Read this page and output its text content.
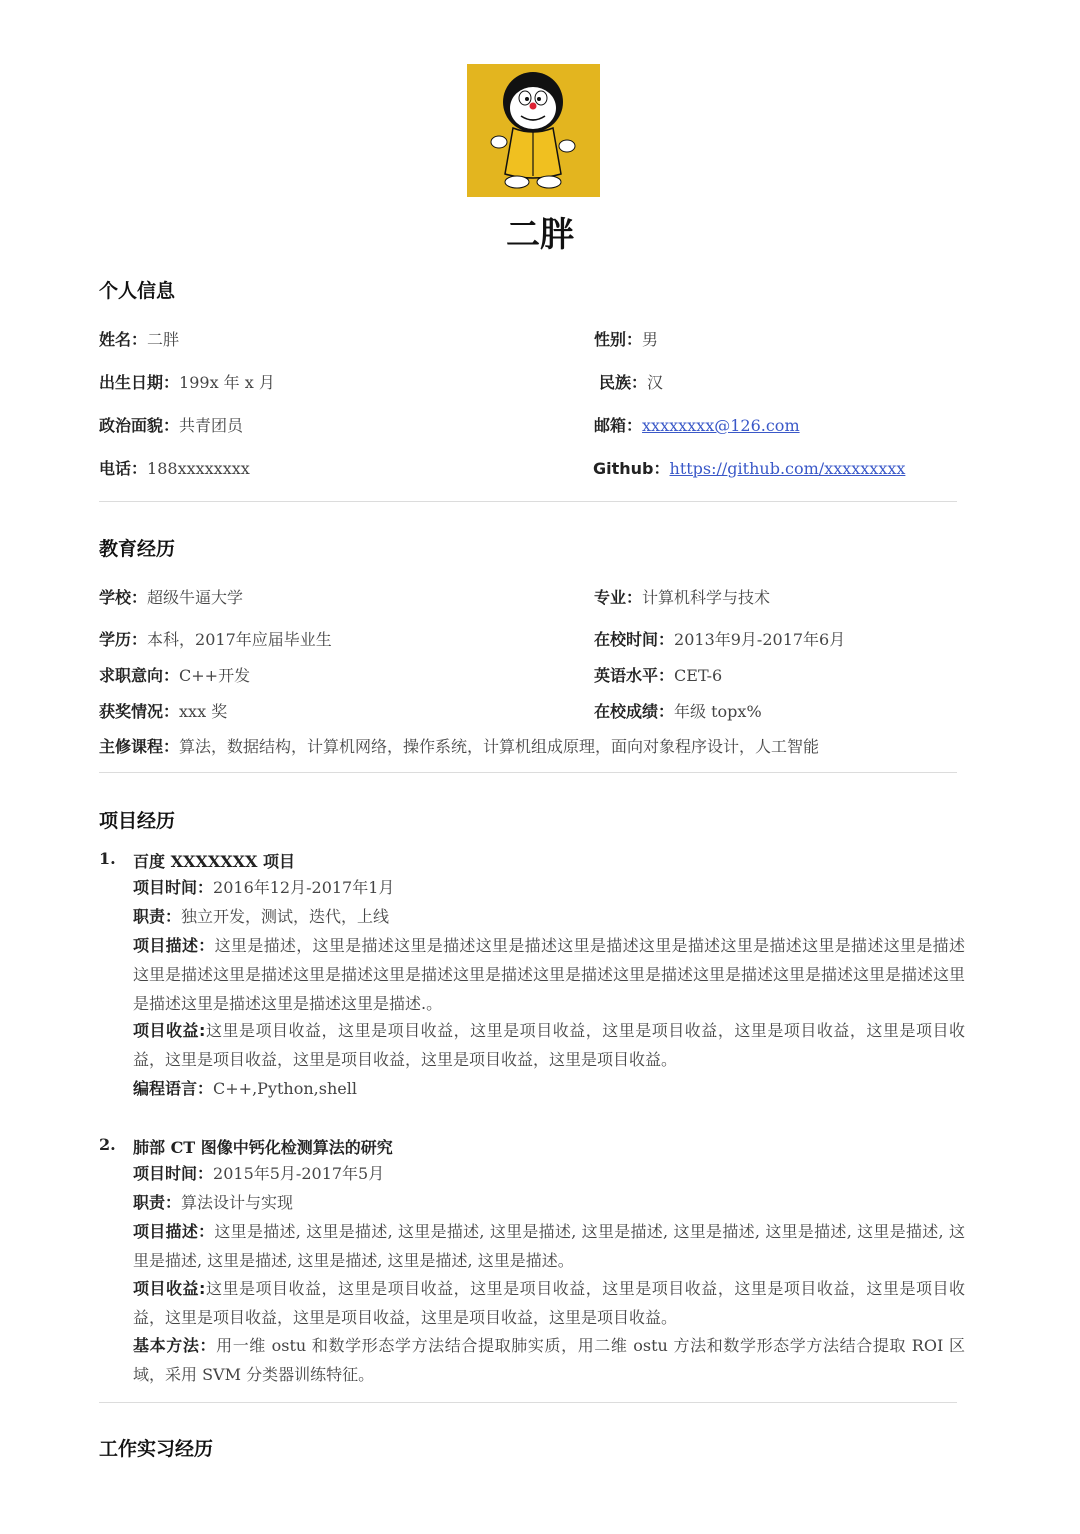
二胖
个人信息
姓名：二胖	性别：男
出生日期：199x 年 x 月	民族：汉
政治面貌：共青团员	邮箱：xxxxxxxx@126.com
电话：188xxxxxxxx	Github：https://github.com/xxxxxxxxx
教育经历
学校：超级牛逼大学	专业：计算机科学与技术
学历：本科，2017年应届毕业生	在校时间：2013年9月-2017年6月
求职意向：C++开发	英语水平：CET-6
获奖情况：xxx 奖	在校成绩：年级 topx%
主修课程：算法，数据结构，计算机网络，操作系统，计算机组成原理，面向对象程序设计，人工智能
项目经历
1. 百度 XXXXXXX 项目

项目时间：2016年12月-2017年1月

职责：独立开发，测试，迭代，上线

项目描述：这里是描述，这里是描述这里是描述这里是描述这里是描述这里是描述这里是描述这里是描述这里是描述这里是描述这里是描述这里是描述这里是描述这里是描述这里是描述这里是描述这里是描述这里是描述这里是描述这里是描述这里是描述这里是描述这里是描述.。

项目收益:这里是项目收益，这里是项目收益，这里是项目收益，这里是项目收益，这里是项目收益，这里是项目收益，这里是项目收益，这里是项目收益，这里是项目收益，这里是项目收益。

编程语言：C++,Python,shell

2. 肺部 CT 图像中钙化检测算法的研究

项目时间：2015年5月-2017年5月

职责：算法设计与实现

项目描述：这里是描述, 这里是描述, 这里是描述, 这里是描述, 这里是描述, 这里是描述, 这里是描述, 这里是描述, 这里是描述, 这里是描述, 这里是描述, 这里是描述, 这里是描述。

项目收益:这里是项目收益，这里是项目收益，这里是项目收益，这里是项目收益，这里是项目收益，这里是项目收益，这里是项目收益，这里是项目收益，这里是项目收益，这里是项目收益。

基本方法：用一维 ostu 和数学形态学方法结合提取肺实质，用二维 ostu 方法和数学形态学方法结合提取 ROI 区域，采用 SVM 分类器训练特征。

工作实习经历
